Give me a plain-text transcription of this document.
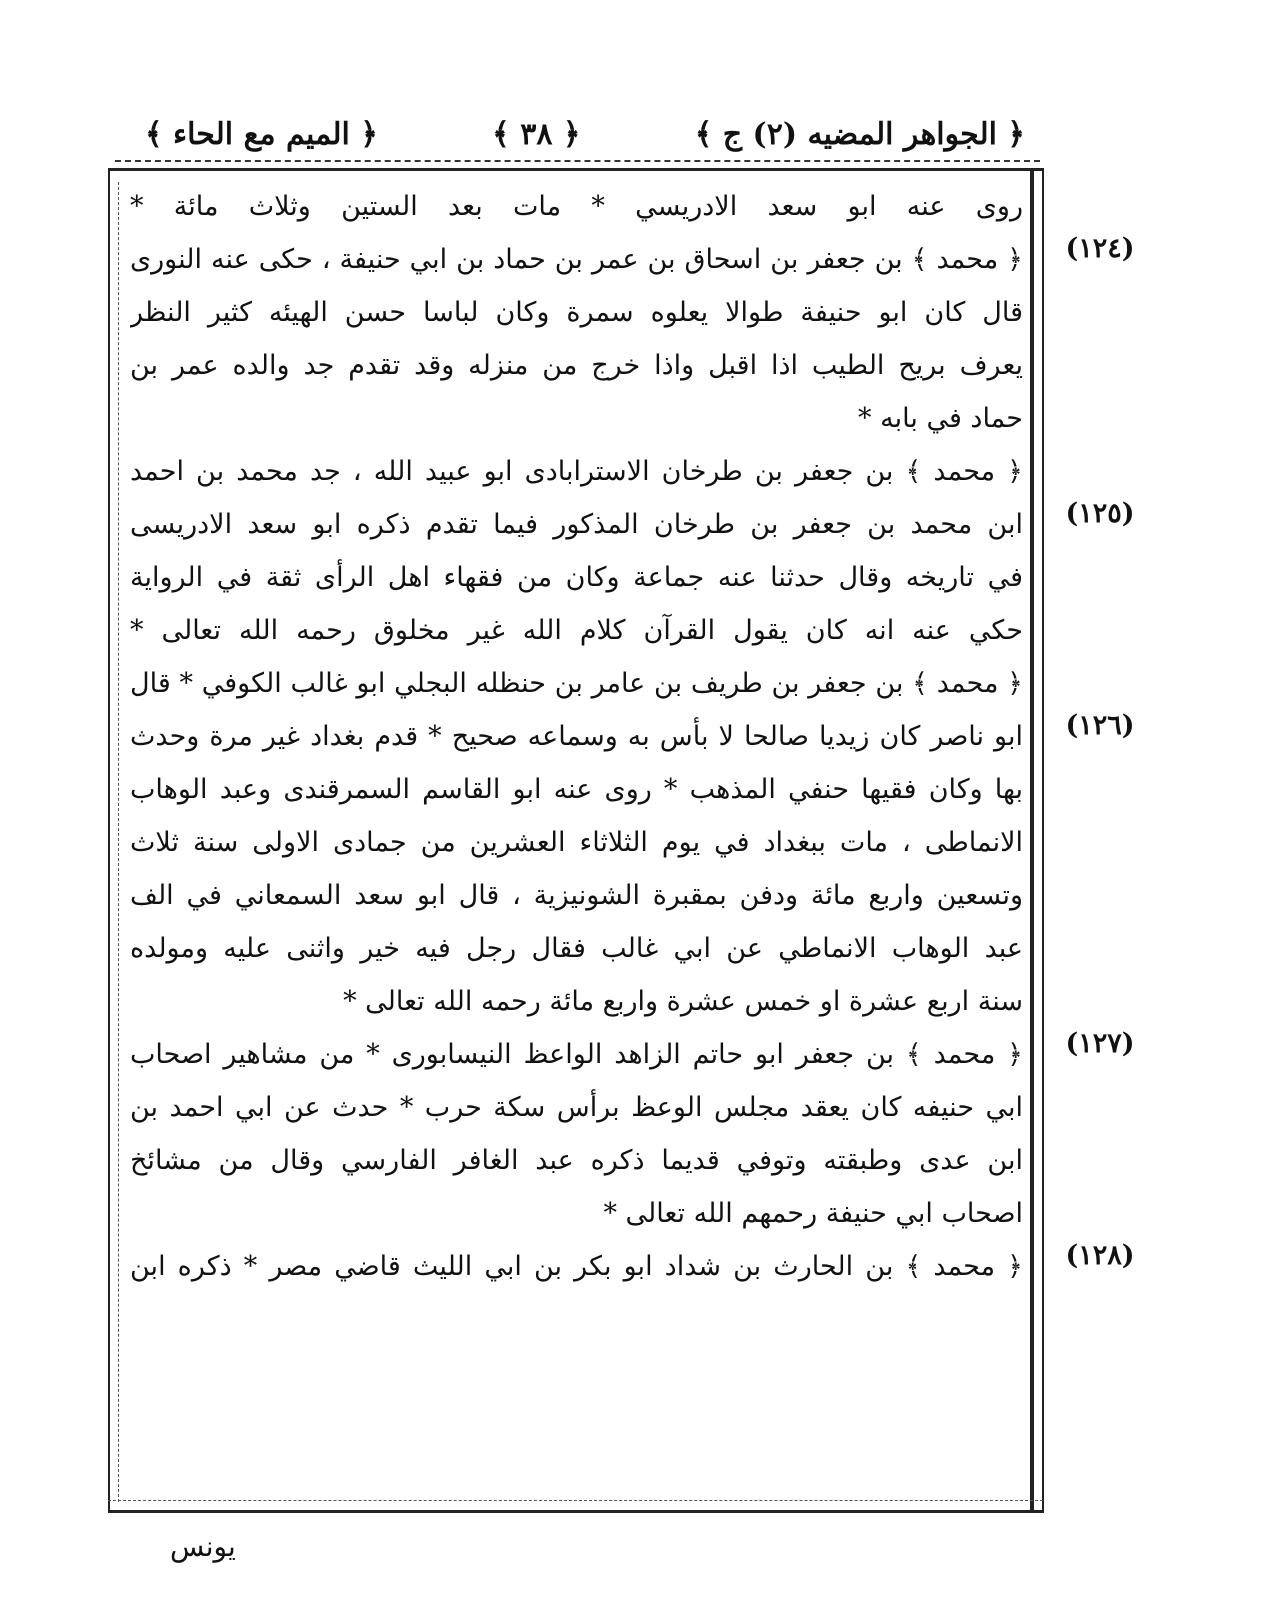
﴿ الجواهر المضيه (٢) ج ﴾
﴿ ٣٨ ﴾
﴿ الميم مع الحاء ﴾
روى عنه ابو سعد الادريسي * مات بعد الستين وثلاث مائة *
﴿ محمد ﴾ بن جعفر بن اسحاق بن عمر بن حماد بن ابي حنيفة ، حكى عنه النورى
قال كان ابو حنيفة طوالا يعلوه سمرة وكان لباسا حسن الهيئه كثير النظر
يعرف بريح الطيب اذا اقبل واذا خرج من منزله وقد تقدم جد والده عمر بن
حماد في بابه *
﴿ محمد ﴾ بن جعفر بن طرخان الاسترابادى ابو عبيد الله ، جد محمد بن احمد
ابن محمد بن جعفر بن طرخان المذكور فيما تقدم ذكره ابو سعد الادريسى
في تاريخه وقال حدثنا عنه جماعة وكان من فقهاء اهل الرأى ثقة في الرواية
حكي عنه انه كان يقول القرآن كلام الله غير مخلوق رحمه الله تعالى *
﴿ محمد ﴾ بن جعفر بن طريف بن عامر بن حنظله البجلي ابو غالب الكوفي * قال
ابو ناصر كان زيديا صالحا لا بأس به وسماعه صحيح * قدم بغداد غير مرة وحدث
بها وكان فقيها حنفي المذهب * روى عنه ابو القاسم السمرقندى وعبد الوهاب
الانماطى ، مات ببغداد في يوم الثلاثاء العشرين من جمادى الاولى سنة ثلاث
وتسعين واربع مائة ودفن بمقبرة الشونيزية ، قال ابو سعد السمعاني في الف
عبد الوهاب الانماطي عن ابي غالب فقال رجل فيه خير واثنى عليه ومولده
سنة اربع عشرة او خمس عشرة واربع مائة رحمه الله تعالى *
﴿ محمد ﴾ بن جعفر ابو حاتم الزاهد الواعظ النيسابورى * من مشاهير اصحاب
ابي حنيفه كان يعقد مجلس الوعظ برأس سكة حرب * حدث عن ابي احمد بن
ابن عدى وطبقته وتوفي قديما ذكره عبد الغافر الفارسي وقال من مشائخ
اصحاب ابي حنيفة رحمهم الله تعالى *
﴿ محمد ﴾ بن الحارث بن شداد ابو بكر بن ابي الليث قاضي مصر * ذكره ابن
(١٢٤)
(١٢٥)
(١٢٦)
(١٢٧)
(١٢٨)
يونس
